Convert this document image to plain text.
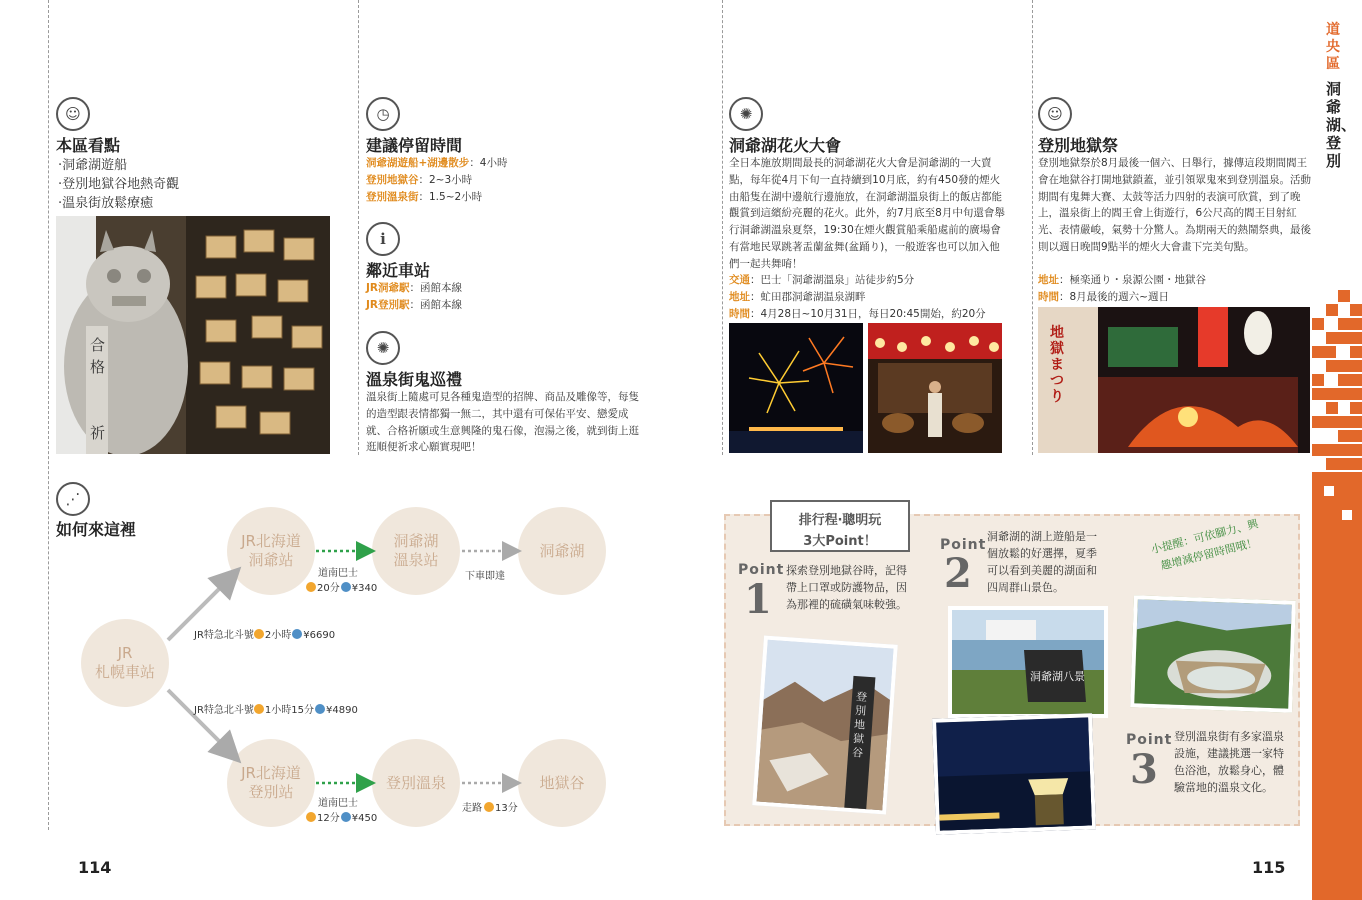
道央區
洞爺湖、登別
☺
本區看點
‧洞爺湖遊船
‧登別地獄谷地熱奇觀
‧溫泉街放鬆療癒
合
格
祈
◷
建議停留時間
洞爺湖遊船+湖邊散步：4小時
登別地獄谷：2~3小時
登別溫泉街：1.5~2小時
i
鄰近車站
JR洞爺駅：函館本線
JR登別駅：函館本線
✺
溫泉街鬼巡禮
溫泉街上隨處可見各種鬼造型的招牌、商品及雕像等，每隻的造型跟表情都獨一無二，其中還有可保佑平安、戀愛成就、合格祈願或生意興隆的鬼石像，泡湯之後，就到街上逛逛順便祈求心願實現吧！
✺
洞爺湖花火大會
全日本施放期間最長的洞爺湖花火大會是洞爺湖的一大賣點，每年從4月下旬一直持續到10月底，約有450發的煙火由船隻在湖中邊航行邊施放，在洞爺湖溫泉街上的飯店都能觀賞到這繽紛亮麗的花火。此外，約7月底至8月中旬還會舉行洞爺湖溫泉夏祭，19:30在煙火觀賞船乘船處前的廣場會有當地民眾跳著盂蘭盆舞(盆踊り)，一般遊客也可以加入他們一起共舞唷！
交通：巴士「洞爺湖溫泉」站徒步約5分
地址：虻田郡洞爺湖温泉湖畔
時間：4月28日~10月31日，每日20:45開始，約20分
☺
登別地獄祭
登別地獄祭於8月最後一個六、日舉行，據傳這段期間閻王會在地獄谷打開地獄鎖蓋，並引領眾鬼來到登別溫泉。活動期間有鬼舞大賽、太鼓等活力四射的表演可欣賞，到了晚上，溫泉街上的閻王會上街遊行，6公尺高的閻王目射紅光、表情嚴峻，氣勢十分驚人。為期兩天的熱鬧祭典，最後則以週日晚間9點半的煙火大會畫下完美句點。
地址：極楽通り・泉源公園・地獄谷
時間：8月最後的週六~週日
地獄まつり
⋰
如何來這裡
JR
札幌車站
JR北海道
洞爺站
洞爺湖
溫泉站
洞爺湖
JR北海道
登別站
登別溫泉	地獄谷
道南巴士
20分 ¥340
下車即達
JR特急北斗號 2小時 ¥6690
JR特急北斗號 1小時15分 ¥4890
道南巴士
12分 ¥450
走路 13分
114	115
排行程‧聰明玩
3大Point！
Point
1
探索登別地獄谷時，記得帶上口罩或防護物品，因為那裡的硫磺氣味較強。
Point
2
洞爺湖的湖上遊船是一個放鬆的好選擇，夏季可以看到美麗的湖面和四周群山景色。
Point
3
登別溫泉街有多家溫泉設施，建議挑選一家特色浴池，放鬆身心，體驗當地的溫泉文化。
小提醒：可依腳力、興趣增減停留時間哦！
登別地獄谷
洞爺湖八景
